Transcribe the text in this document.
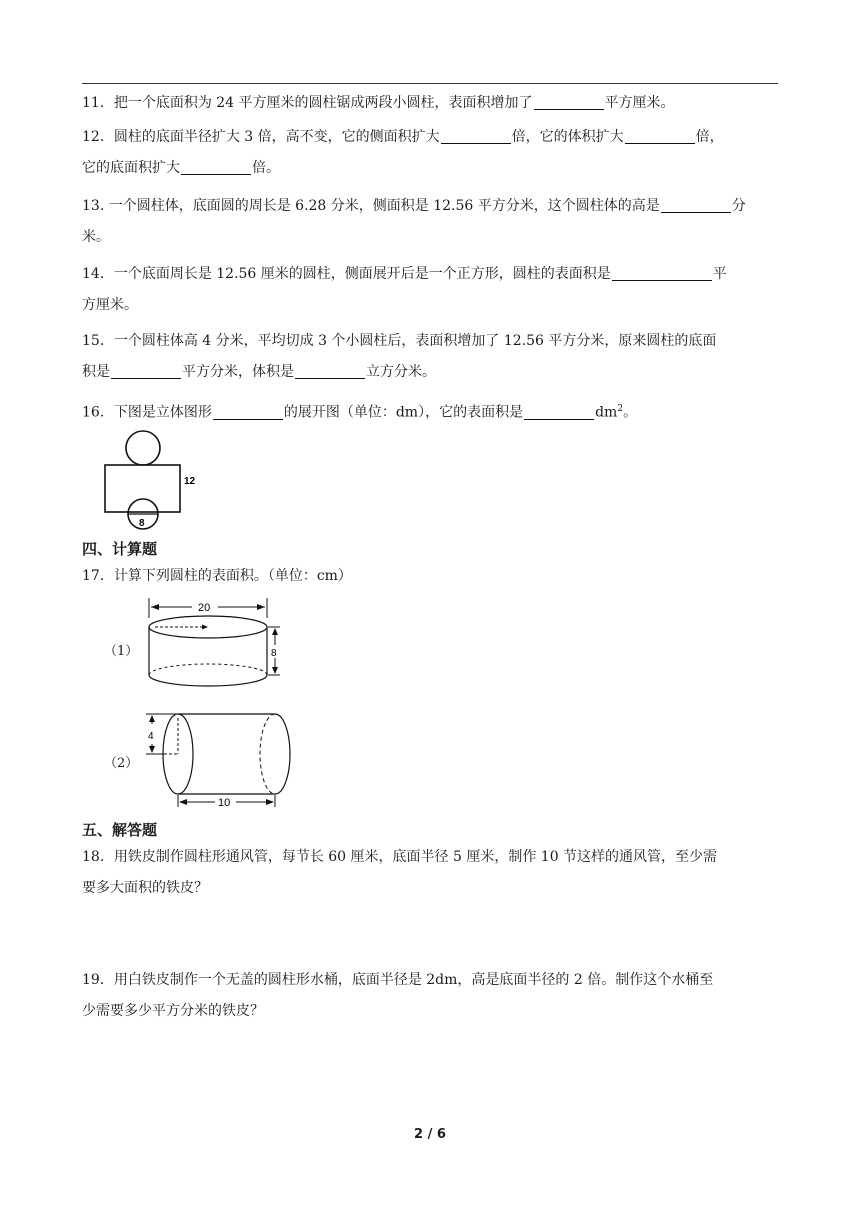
11．把一个底面积为 24 平方厘米的圆柱锯成两段小圆柱，表面积增加了	平方厘米。
12．圆柱的底面半径扩大 3 倍，高不变，它的侧面积扩大	倍，它的体积扩大	倍，
它的底面积扩大	倍。
13. 一个圆柱体，底面圆的周长是 6.28 分米，侧面积是 12.56 平方分米，这个圆柱体的高是	分
米。
14．一个底面周长是 12.56 厘米的圆柱，侧面展开后是一个正方形，圆柱的表面积是	平
方厘米。
15．一个圆柱体高 4 分米，平均切成 3 个小圆柱后，表面积增加了 12.56 平方分米，原来圆柱的底面
积是	平方分米，体积是	立方分米。
16．下图是立体图形	的展开图（单位：dm），它的表面积是	$dm^2$。
12
8
四、计算题
17．计算下列圆柱的表面积。（单位：cm）
（1）
20
8
（2）
4
10
五、解答题
18．用铁皮制作圆柱形通风管，每节长 60 厘米，底面半径 5 厘米，制作 10 节这样的通风管，至少需
要多大面积的铁皮？
19．用白铁皮制作一个无盖的圆柱形水桶，底面半径是 2dm，高是底面半径的 2 倍。制作这个水桶至
少需要多少平方分米的铁皮？
2 / 6
